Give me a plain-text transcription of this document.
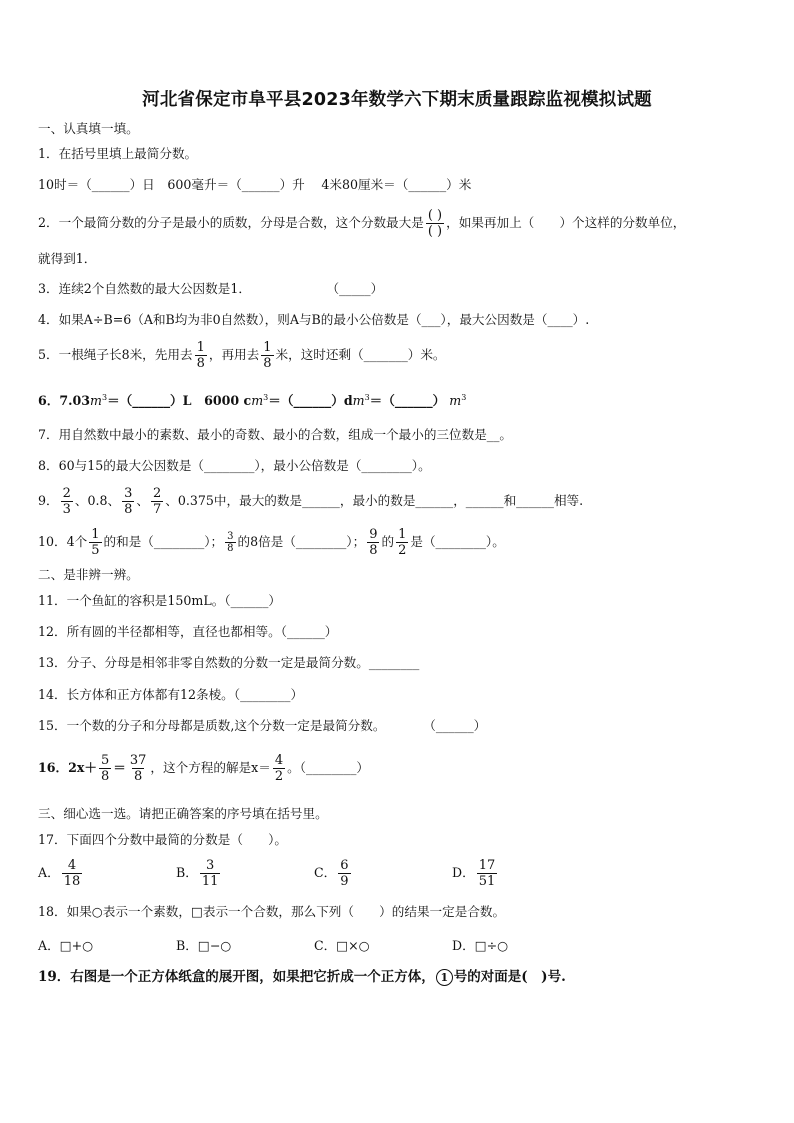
河北省保定市阜平县2023年数学六下期末质量跟踪监视模拟试题
一、认真填一填。
1．在括号里填上最简分数。
10时＝（______）日　600毫升＝（______）升　 4米80厘米＝（______）米
2．一个最简分数的分子是最小的质数，分母是合数，这个分数最大是 $\frac{( )}{( )}$ ，如果再加上（　　）个这样的分数单位，
就得到1．
3．连续2个自然数的最大公因数是1．　　　　　　　（_____）
4．如果A÷B=6（A和B均为非0自然数），则A与B的最小公倍数是（___），最大公因数是（____）.
5．一根绳子长8米，先用去 $\frac{1}{8}$ ，再用去 $\frac{1}{8}$ 米，这时还剩（_______）米。
6．$7.03m^3=(\_\_\_\_\_\_)L$　6000 $cm^3=(\_\_\_\_\_\_)dm^3=(\_\_\_\_\_\_)$ $m^3$
7．用自然数中最小的素数、最小的奇数、最小的合数，组成一个最小的三位数是__。
8．60与15的最大公因数是（________），最小公倍数是（________）。
9． $\frac{2}{3}$ 、0.8、 $\frac{3}{8}$ 、 $\frac{2}{7}$ 、0.375中，最大的数是______，最小的数是______，______和______相等.
10．4个 $\frac{1}{5}$ 的和是（________）； $\frac{3}{8}$ 的8倍是（________）； $\frac{9}{8}$ 的 $\frac{1}{2}$ 是（________）。
二、是非辨一辨。
11．一个鱼缸的容积是150mL。（______）
12．所有圆的半径都相等，直径也都相等。（______）
13．分子、分母是相邻非零自然数的分数一定是最简分数。________
14．长方体和正方体都有12条棱。（________）
15．一个数的分子和分母都是质数,这个分数一定是最简分数。　　　　（______）
16．$2x+ \frac{5}{8} = \frac{37}{8}$ ，这个方程的解是$x= \frac{4}{2}$ 。（________）
三、细心选一选。请把正确答案的序号填在括号里。
17．下面四个分数中最简的分数是（　　）。
A． $\frac{4}{18}$	B． $\frac{3}{11}$	C． $\frac{6}{9}$	D． $\frac{17}{51}$
18．如果○表示一个素数，□表示一个合数，那么下列（　　）的结果一定是合数。
A．□+○	B．□−○	C．□×○	D．□÷○
19．右图是一个正方体纸盒的展开图，如果把它折成一个正方体， 1 号的对面是(　)号.
